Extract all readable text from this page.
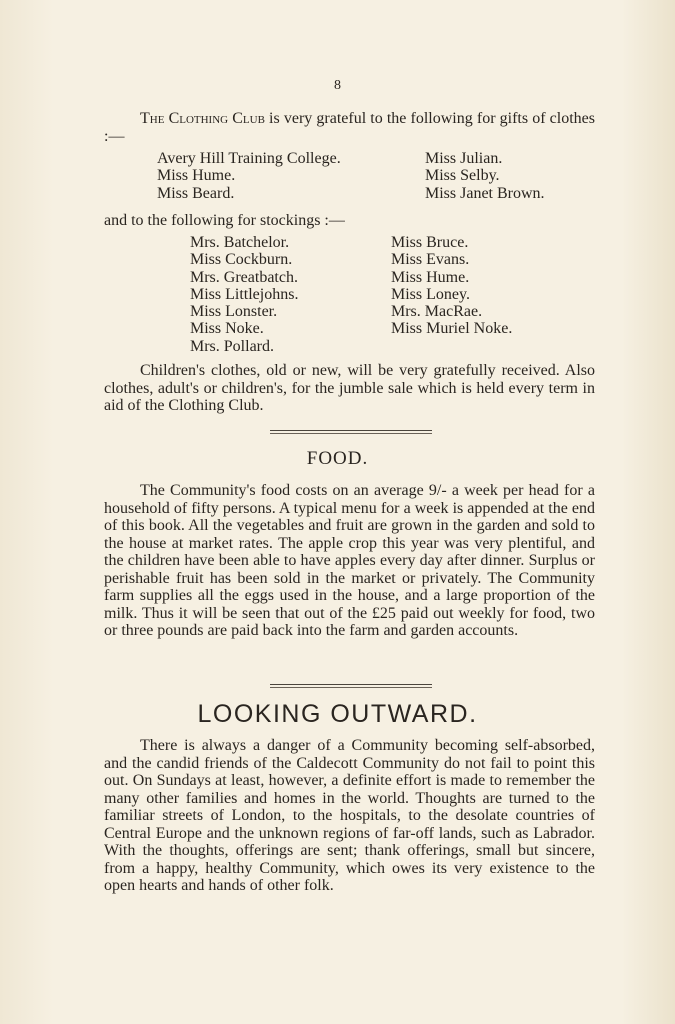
8

The Clothing Club is very grateful to the following for gifts of clothes :—

Avery Hill Training College.
Miss Hume.
Miss Beard.
Miss Julian.
Miss Selby.
Miss Janet Brown.

and to the following for stockings :—

Mrs. Batchelor.
Miss Cockburn.
Mrs. Greatbatch.
Miss Littlejohns.
Miss Lonster.
Miss Noke.
Mrs. Pollard.
Miss Bruce.
Miss Evans.
Miss Hume.
Miss Loney.
Mrs. MacRae.
Miss Muriel Noke.

Children's clothes, old or new, will be very gratefully received. Also clothes, adult's or children's, for the jumble sale which is held every term in aid of the Clothing Club.

FOOD.

The Community's food costs on an average 9/- a week per head for a household of fifty persons. A typical menu for a week is appended at the end of this book. All the vegetables and fruit are grown in the garden and sold to the house at market rates. The apple crop this year was very plentiful, and the children have been able to have apples every day after dinner. Surplus or perishable fruit has been sold in the market or privately. The Community farm supplies all the eggs used in the house, and a large proportion of the milk. Thus it will be seen that out of the £25 paid out weekly for food, two or three pounds are paid back into the farm and garden accounts.

LOOKING OUTWARD.

There is always a danger of a Community becoming self-absorbed, and the candid friends of the Caldecott Community do not fail to point this out. On Sundays at least, however, a definite effort is made to remember the many other families and homes in the world. Thoughts are turned to the familiar streets of London, to the hospitals, to the desolate countries of Central Europe and the unknown regions of far-off lands, such as Labrador. With the thoughts, offerings are sent; thank offerings, small but sincere, from a happy, healthy Community, which owes its very existence to the open hearts and hands of other folk.
